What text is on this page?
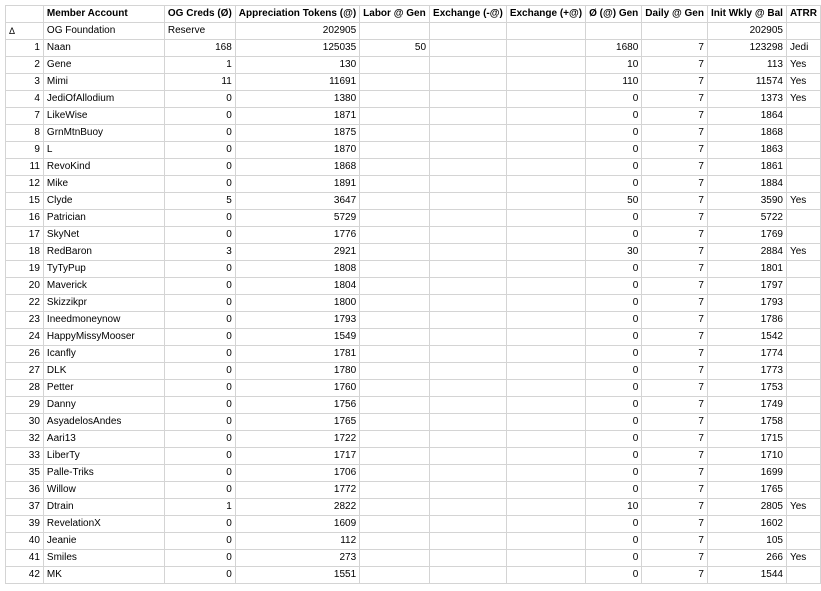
	Member Account	OG Creds (Ø)	Appreciation Tokens (@)	Labor @ Gen	Exchange (-@)	Exchange (+@)	Ø (@) Gen	Daily @ Gen	Init Wkly @ Bal	ATRR
Δ	OG Foundation	Reserve	202905						202905	
1	Naan	168	125035	50			1680	7	123298	Jedi
2	Gene	1	130				10	7	113	Yes
3	Mimi	11	11691				110	7	11574	Yes
4	JediOfAllodium	0	1380				0	7	1373	Yes
7	LikeWise	0	1871				0	7	1864	
8	GrnMtnBuoy	0	1875				0	7	1868	
9	L	0	1870				0	7	1863	
11	RevoKind	0	1868				0	7	1861	
12	Mike	0	1891				0	7	1884	
15	Clyde	5	3647				50	7	3590	Yes
16	Patrician	0	5729				0	7	5722	
17	SkyNet	0	1776				0	7	1769	
18	RedBaron	3	2921				30	7	2884	Yes
19	TyTyPup	0	1808				0	7	1801	
20	Maverick	0	1804				0	7	1797	
22	Skizzikpr	0	1800				0	7	1793	
23	Ineedmoneynow	0	1793				0	7	1786	
24	HappyMissyMooser	0	1549				0	7	1542	
26	Icanfly	0	1781				0	7	1774	
27	DLK	0	1780				0	7	1773	
28	Petter	0	1760				0	7	1753	
29	Danny	0	1756				0	7	1749	
30	AsyadelosAndes	0	1765				0	7	1758	
32	Aari13	0	1722				0	7	1715	
33	LiberTy	0	1717				0	7	1710	
35	Palle-Triks	0	1706				0	7	1699	
36	Willow	0	1772				0	7	1765	
37	Dtrain	1	2822				10	7	2805	Yes
39	RevelationX	0	1609				0	7	1602	
40	Jeanie	0	112				0	7	105	
41	Smiles	0	273				0	7	266	Yes
42	MK	0	1551				0	7	1544	
